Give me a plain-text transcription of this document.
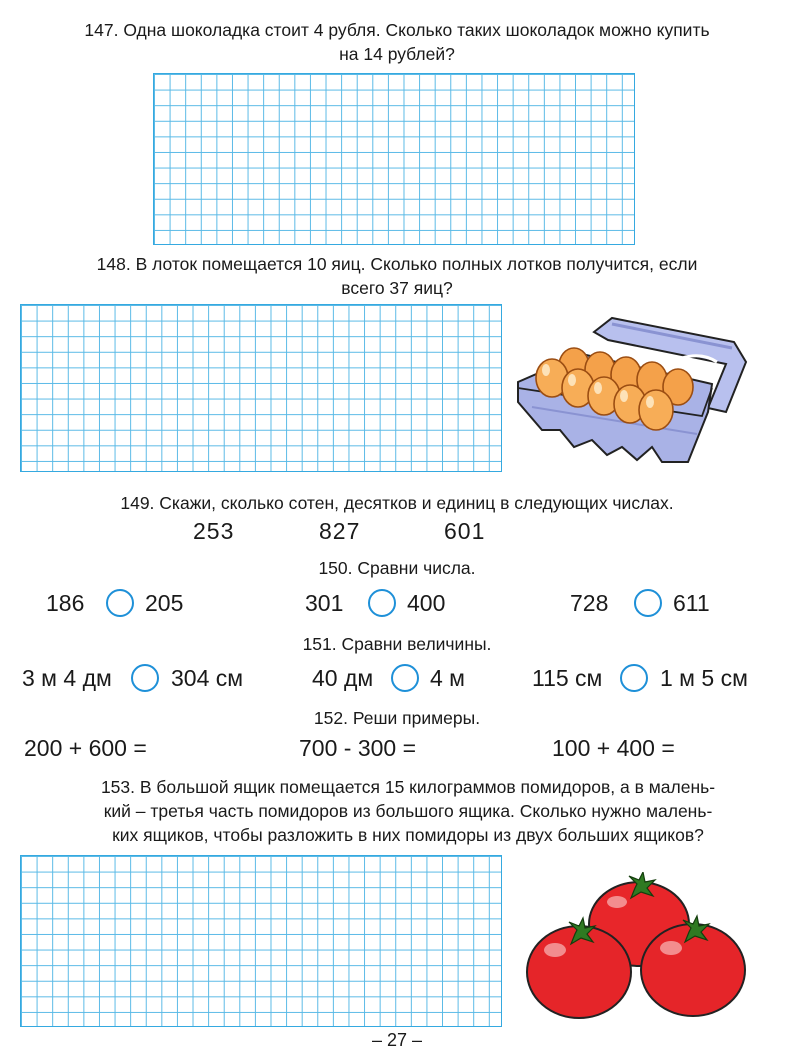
147. Одна шоколадка стоит 4 рубля. Сколько таких шоколадок можно купить
на 14 рублей?
148. В лоток помещается 10 яиц. Сколько полных лотков получится, если
всего 37 яиц?
149. Скажи, сколько сотен, десятков и единиц в следующих числах.
253	827	601
150. Сравни числа.
186	205	301	400	728	611
151. Сравни величины.
3 м 4 дм	304 см	40 дм 4 м	115 см	1 м 5 см
152. Реши примеры.
200 + 600 =	700 - 300 =	100 + 400 =
153. В большой ящик помещается 15 килограммов помидоров, а в малень-
кий – третья часть помидоров из большого ящика. Сколько нужно малень-
ких ящиков, чтобы разложить в них помидоры из двух больших ящиков?
– 27 –
